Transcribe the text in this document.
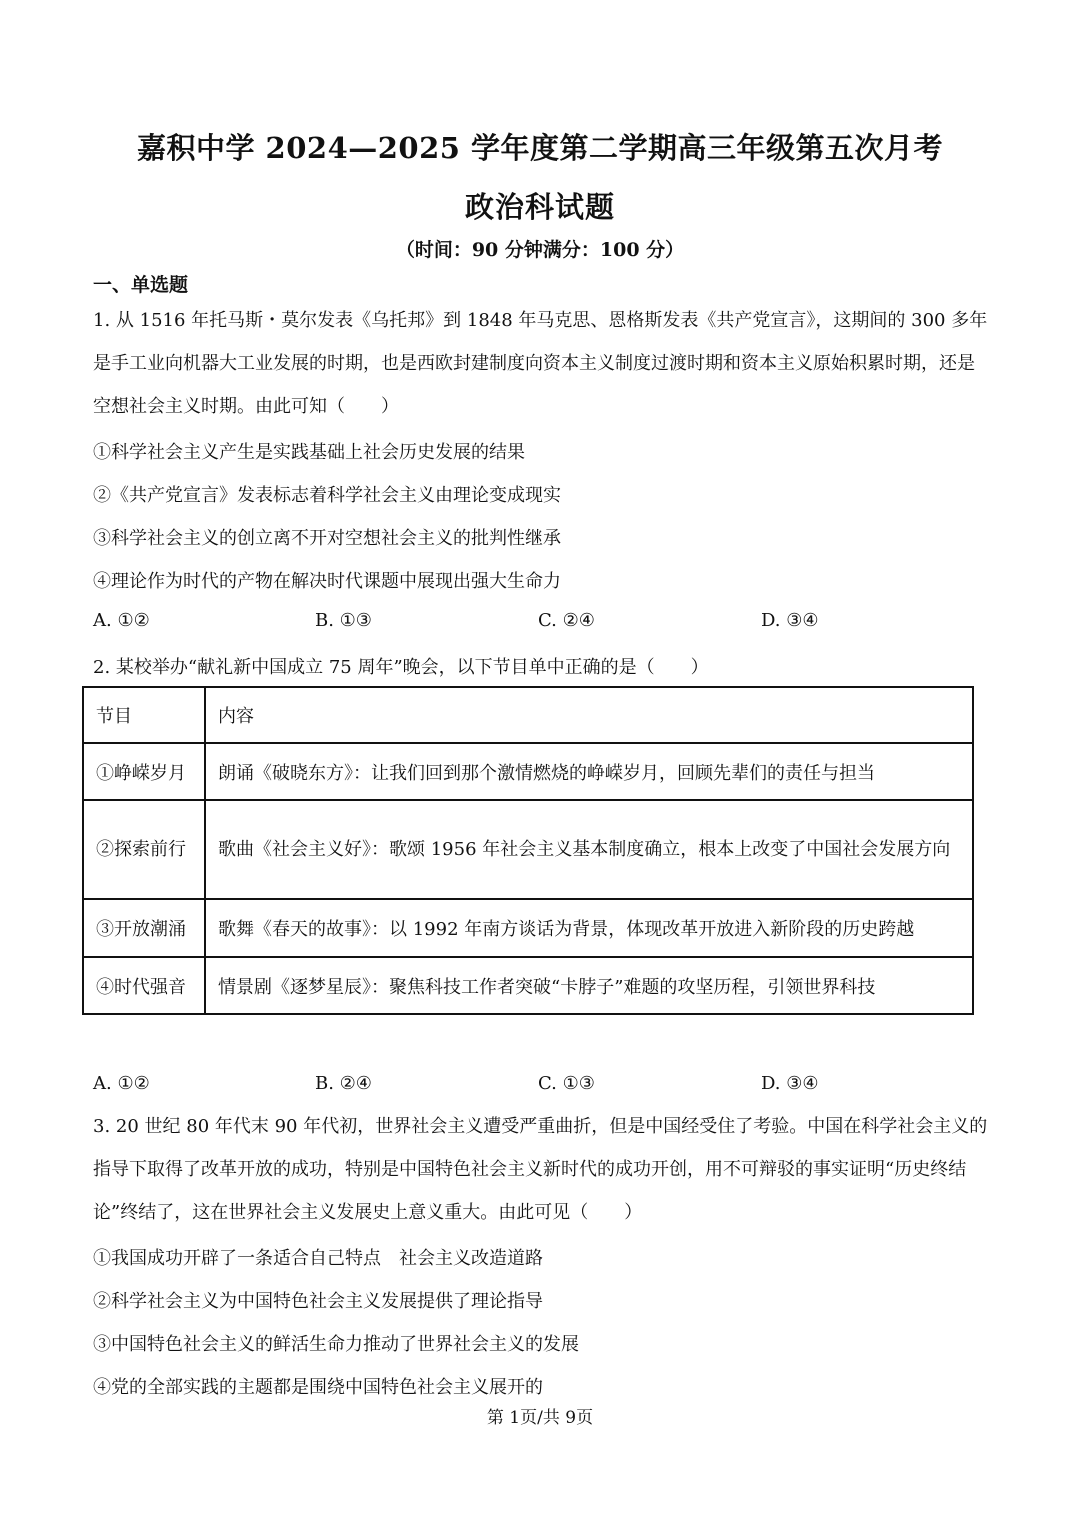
嘉积中学 2024—2025 学年度第二学期高三年级第五次月考
政治科试题
（时间：90 分钟满分：100 分）
一、单选题

1. 从 1516 年托马斯・莫尔发表《乌托邦》到 1848 年马克思、恩格斯发表《共产党宣言》，这期间的 300 多年是手工业向机器大工业发展的时期，也是西欧封建制度向资本主义制度过渡时期和资本主义原始积累时期，还是空想社会主义时期。由此可知（　　）

①科学社会主义产生是实践基础上社会历史发展的结果
②《共产党宣言》发表标志着科学社会主义由理论变成现实
③科学社会主义的创立离不开对空想社会主义的批判性继承
④理论作为时代的产物在解决时代课题中展现出强大生命力
A. ①②	B. ①③	C. ②④	D. ③④
2. 某校举办“献礼新中国成立 75 周年”晚会，以下节目单中正确的是（　　）
节目	内容
①峥嵘岁月	朗诵《破晓东方》：让我们回到那个激情燃烧的峥嵘岁月，回顾先辈们的责任与担当
②探索前行	歌曲《社会主义好》：歌颂 1956 年社会主义基本制度确立，根本上改变了中国社会发展方向
③开放潮涌	歌舞《春天的故事》：以 1992 年南方谈话为背景，体现改革开放进入新阶段的历史跨越
④时代强音	情景剧《逐梦星辰》：聚焦科技工作者突破“卡脖子”难题的攻坚历程，引领世界科技
A. ①②	B. ②④	C. ①③	D. ③④

3. 20 世纪 80 年代末 90 年代初，世界社会主义遭受严重曲折，但是中国经受住了考验。中国在科学社会主义的指导下取得了改革开放的成功，特别是中国特色社会主义新时代的成功开创，用不可辩驳的事实证明“历史终结论”终结了，这在世界社会主义发展史上意义重大。由此可见（　　）

①我国成功开辟了一条适合自己特点　社会主义改造道路
②科学社会主义为中国特色社会主义发展提供了理论指导
③中国特色社会主义的鲜活生命力推动了世界社会主义的发展
④党的全部实践的主题都是围绕中国特色社会主义展开的
第 1页/共 9页
